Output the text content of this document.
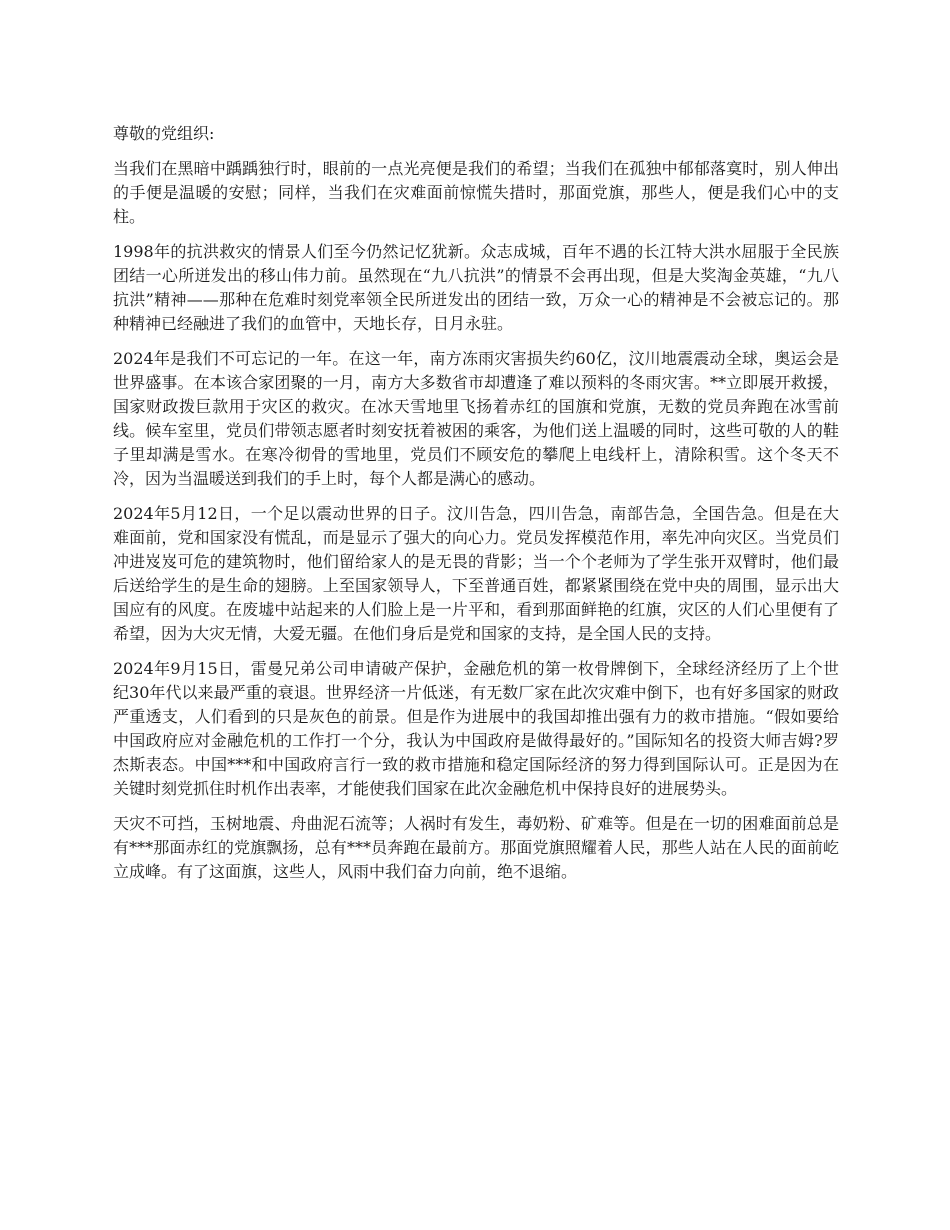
尊敬的党组织:

当我们在黑暗中踽踽独行时，眼前的一点光亮便是我们的希望；当我们在孤独中郁郁落寞时，别人伸出的手便是温暖的安慰；同样，当我们在灾难面前惊慌失措时，那面党旗，那些人，便是我们心中的支柱。

1998年的抗洪救灾的情景人们至今仍然记忆犹新。众志成城，百年不遇的长江特大洪水屈服于全民族团结一心所迸发出的移山伟力前。虽然现在“九八抗洪”的情景不会再出现，但是大奖淘金英雄，“九八抗洪”精神——那种在危难时刻党率领全民所迸发出的团结一致，万众一心的精神是不会被忘记的。那种精神已经融进了我们的血管中，天地长存，日月永驻。

2024年是我们不可忘记的一年。在这一年，南方冻雨灾害损失约60亿，汶川地震震动全球，奥运会是世界盛事。在本该合家团聚的一月，南方大多数省市却遭逢了难以预料的冬雨灾害。**立即展开救援，国家财政拨巨款用于灾区的救灾。在冰天雪地里飞扬着赤红的国旗和党旗，无数的党员奔跑在冰雪前线。候车室里，党员们带领志愿者时刻安抚着被困的乘客，为他们送上温暖的同时，这些可敬的人的鞋子里却满是雪水。在寒冷彻骨的雪地里，党员们不顾安危的攀爬上电线杆上，清除积雪。这个冬天不冷，因为当温暖送到我们的手上时，每个人都是满心的感动。

2024年5月12日，一个足以震动世界的日子。汶川告急，四川告急，南部告急，全国告急。但是在大难面前，党和国家没有慌乱，而是显示了强大的向心力。党员发挥模范作用，率先冲向灾区。当党员们冲进岌岌可危的建筑物时，他们留给家人的是无畏的背影；当一个个老师为了学生张开双臂时，他们最后送给学生的是生命的翅膀。上至国家领导人，下至普通百姓，都紧紧围绕在党中央的周围，显示出大国应有的风度。在废墟中站起来的人们脸上是一片平和，看到那面鲜艳的红旗，灾区的人们心里便有了希望，因为大灾无情，大爱无疆。在他们身后是党和国家的支持，是全国人民的支持。

2024年9月15日，雷曼兄弟公司申请破产保护，金融危机的第一枚骨牌倒下，全球经济经历了上个世纪30年代以来最严重的衰退。世界经济一片低迷，有无数厂家在此次灾难中倒下，也有好多国家的财政严重透支，人们看到的只是灰色的前景。但是作为进展中的我国却推出强有力的救市措施。“假如要给中国政府应对金融危机的工作打一个分，我认为中国政府是做得最好的。”国际知名的投资大师吉姆?罗杰斯表态。中国***和中国政府言行一致的救市措施和稳定国际经济的努力得到国际认可。正是因为在关键时刻党抓住时机作出表率，才能使我们国家在此次金融危机中保持良好的进展势头。

天灾不可挡，玉树地震、舟曲泥石流等；人祸时有发生，毒奶粉、矿难等。但是在一切的困难面前总是有***那面赤红的党旗飘扬，总有***员奔跑在最前方。那面党旗照耀着人民，那些人站在人民的面前屹立成峰。有了这面旗，这些人，风雨中我们奋力向前，绝不退缩。
